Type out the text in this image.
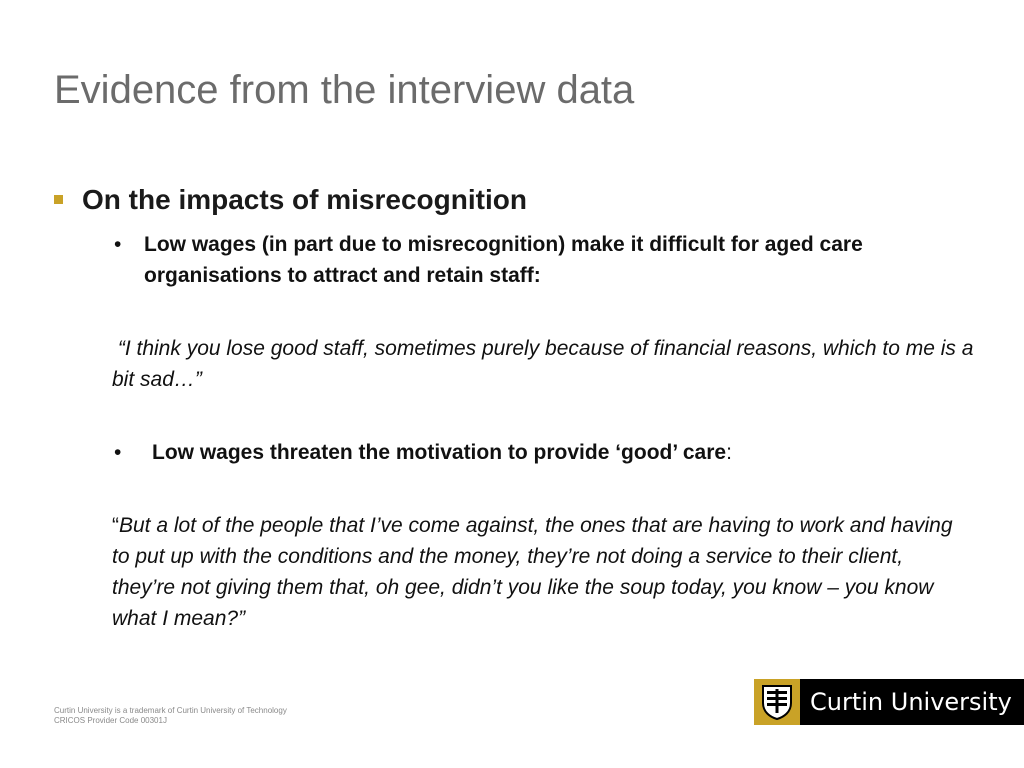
Evidence from the interview data
On the impacts of misrecognition
•	Low wages (in part due to misrecognition) make it difficult for aged care organisations to attract and retain staff:
“I think you lose good staff, sometimes purely because of financial reasons, which to me is a bit sad…”
•	Low wages threaten the motivation to provide ‘good’ care:
“But a lot of the people that I’ve come against, the ones that are having to work and having to put up with the conditions and the money, they’re not doing a service to their client, they’re not giving them that, oh gee, didn’t you like the soup today, you know – you know what I mean?”
Curtin University is a trademark of Curtin University of Technology
CRICOS Provider Code 00301J
Curtin University
